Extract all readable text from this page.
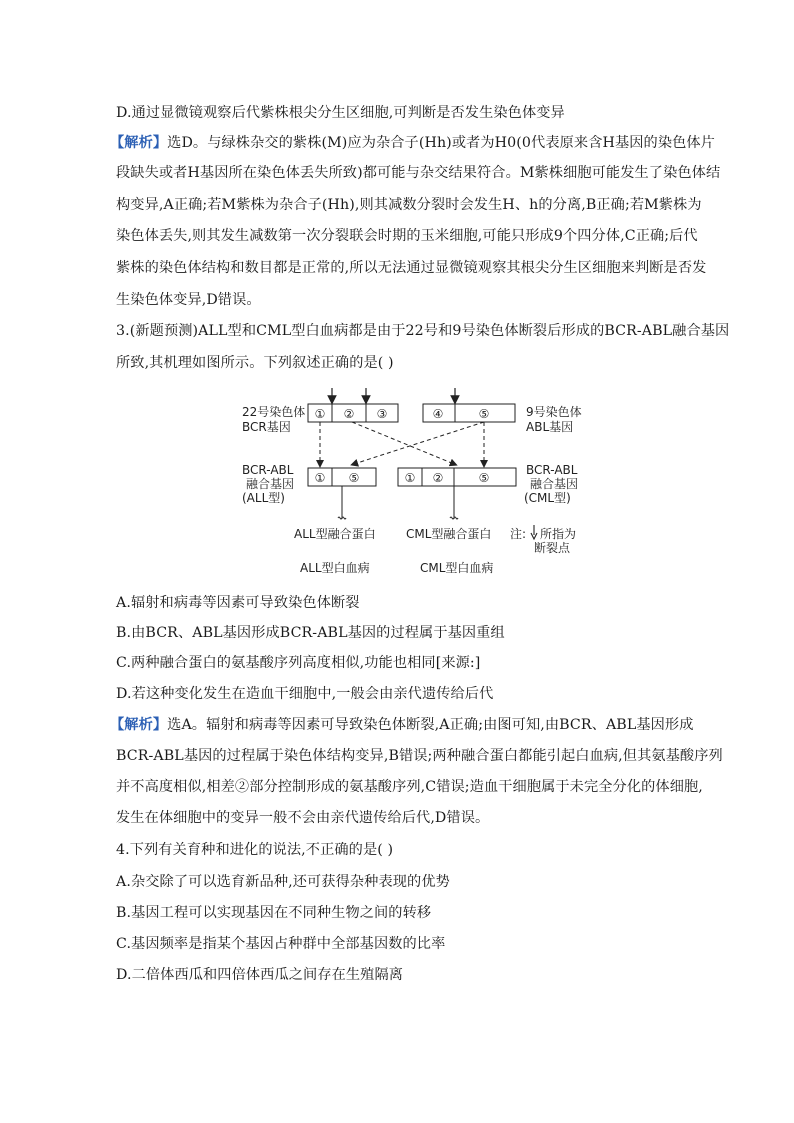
D.通过显微镜观察后代紫株根尖分生区细胞,可判断是否发生染色体变异
【解析】选D。与绿株杂交的紫株(M)应为杂合子(Hh)或者为H0(0代表原来含H基因的染色体片
段缺失或者H基因所在染色体丢失所致)都可能与杂交结果符合。M紫株细胞可能发生了染色体结
构变异,A正确;若M紫株为杂合子(Hh),则其减数分裂时会发生H、h的分离,B正确;若M紫株为
染色体丢失,则其发生减数第一次分裂联会时期的玉米细胞,可能只形成9个四分体,C正确;后代
紫株的染色体结构和数目都是正常的,所以无法通过显微镜观察其根尖分生区细胞来判断是否发
生染色体变异,D错误。
3.(新题预测)ALL型和CML型白血病都是由于22号和9号染色体断裂后形成的BCR-ABL融合基因
所致,其机理如图所示。下列叙述正确的是( )
22号染色体
BCR基因
9号染色体
ABL基因
① ② ③	④	⑤
BCR-ABL
融合基因
(ALL型)
① ⑤	① ②	⑤
BCR-ABL
融合基因
(CML型)
ALL型融合蛋白	CML型融合蛋白 注: 所指为
断裂点
ALL型白血病	CML型白血病
A.辐射和病毒等因素可导致染色体断裂
B.由BCR、ABL基因形成BCR-ABL基因的过程属于基因重组
C.两种融合蛋白的氨基酸序列高度相似,功能也相同[来源:]
D.若这种变化发生在造血干细胞中,一般会由亲代遗传给后代
【解析】选A。辐射和病毒等因素可导致染色体断裂,A正确;由图可知,由BCR、ABL基因形成
BCR-ABL基因的过程属于染色体结构变异,B错误;两种融合蛋白都能引起白血病,但其氨基酸序列
并不高度相似,相差②部分控制形成的氨基酸序列,C错误;造血干细胞属于未完全分化的体细胞,
发生在体细胞中的变异一般不会由亲代遗传给后代,D错误。
4.下列有关育种和进化的说法,不正确的是( )
A.杂交除了可以选育新品种,还可获得杂种表现的优势
B.基因工程可以实现基因在不同种生物之间的转移
C.基因频率是指某个基因占种群中全部基因数的比率
D.二倍体西瓜和四倍体西瓜之间存在生殖隔离
